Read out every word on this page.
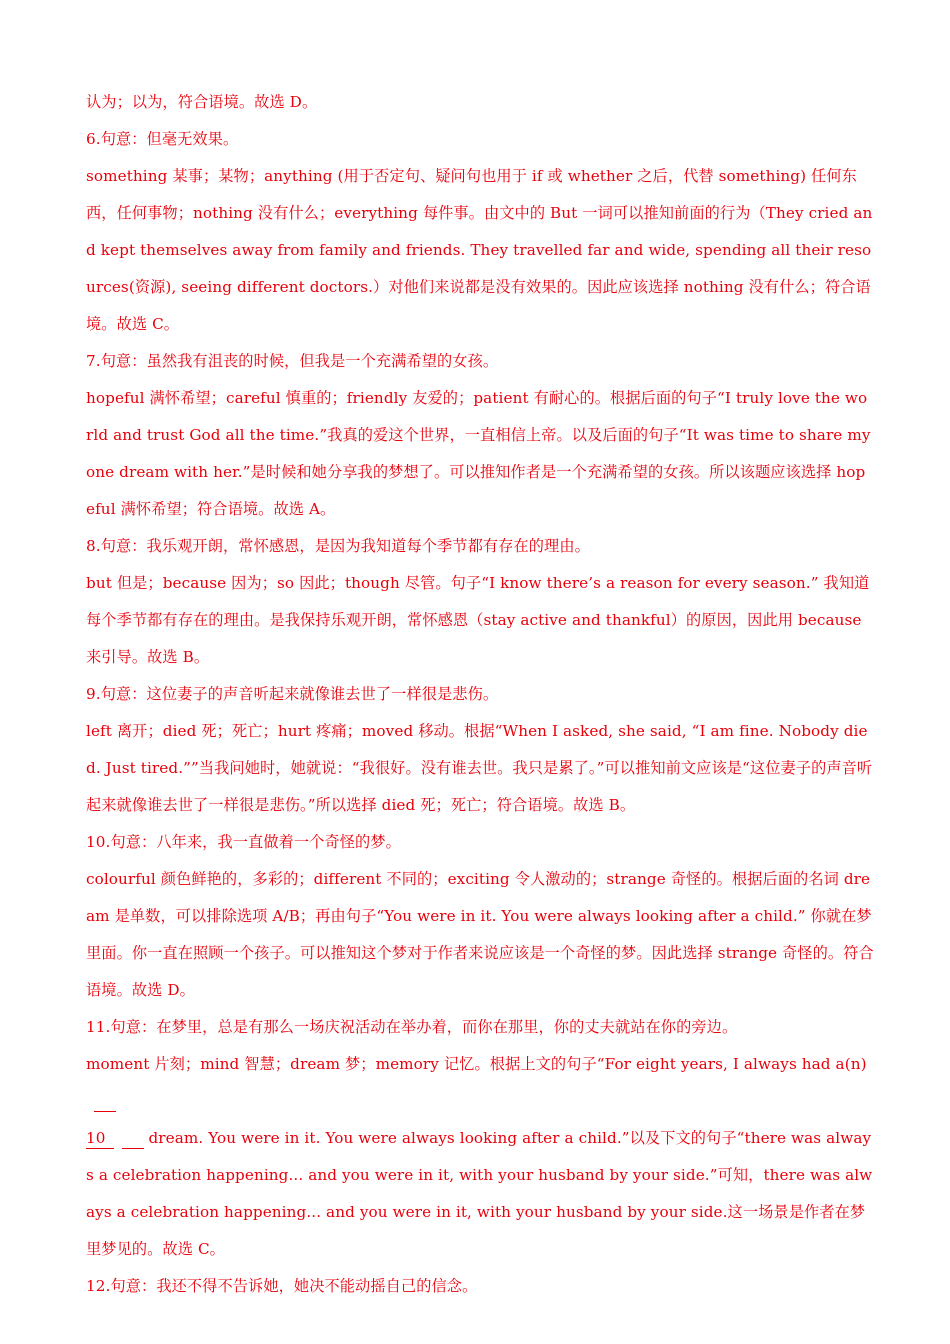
认为；以为，符合语境。故选 D。

6.句意：但毫无效果。

something 某事；某物；anything (用于否定句、疑问句也用于 if 或 whether 之后，代替 something) 任何东西，任何事物；nothing 没有什么；everything 每件事。由文中的 But 一词可以推知前面的行为（They cried and kept themselves away from family and friends. They travelled far and wide, spending all their resources(资源), seeing different doctors.）对他们来说都是没有效果的。因此应该选择 nothing 没有什么；符合语境。故选 C。

7.句意：虽然我有沮丧的时候，但我是一个充满希望的女孩。

hopeful 满怀希望；careful 慎重的；friendly 友爱的；patient 有耐心的。根据后面的句子“I truly love the world and trust God all the time.”我真的爱这个世界，一直相信上帝。以及后面的句子“It was time to share my one dream with her.”是时候和她分享我的梦想了。可以推知作者是一个充满希望的女孩。所以该题应该选择 hopeful 满怀希望；符合语境。故选 A。

8.句意：我乐观开朗，常怀感恩，是因为我知道每个季节都有存在的理由。

but 但是；because 因为；so 因此；though 尽管。句子“I know there’s a reason for every season.” 我知道每个季节都有存在的理由。是我保持乐观开朗，常怀感恩（stay active and thankful）的原因，因此用 because 来引导。故选 B。

9.句意：这位妻子的声音听起来就像谁去世了一样很是悲伤。

left 离开；died 死；死亡；hurt 疼痛；moved 移动。根据“When I asked, she said, “I am fine. Nobody died. Just tired.””当我问她时，她就说：“我很好。没有谁去世。我只是累了。”可以推知前文应该是“这位妻子的声音听起来就像谁去世了一样很是悲伤。”所以选择 died 死；死亡；符合语境。故选 B。

10.句意：八年来，我一直做着一个奇怪的梦。

colourful 颜色鲜艳的，多彩的；different 不同的；exciting 令人激动的；strange 奇怪的。根据后面的名词 dream 是单数，可以排除选项 A/B；再由句子“You were in it. You were always looking after a child.” 你就在梦里面。你一直在照顾一个孩子。可以推知这个梦对于作者来说应该是一个奇怪的梦。因此选择 strange 奇怪的。符合语境。故选 D。

11.句意：在梦里，总是有那么一场庆祝活动在举办着，而你在那里，你的丈夫就站在你的旁边。

moment 片刻；mind 智慧；dream 梦；memory 记忆。根据上文的句子“For eight years, I always had a(n)
10	dream. You were in it. You were always looking after a child.”以及下文的句子“there was always a celebration happening... and you were in it, with your husband by your side.”可知，there was always a celebration happening... and you were in it, with your husband by your side.这一场景是作者在梦里梦见的。故选 C。

12.句意：我还不得不告诉她，她决不能动摇自己的信念。
